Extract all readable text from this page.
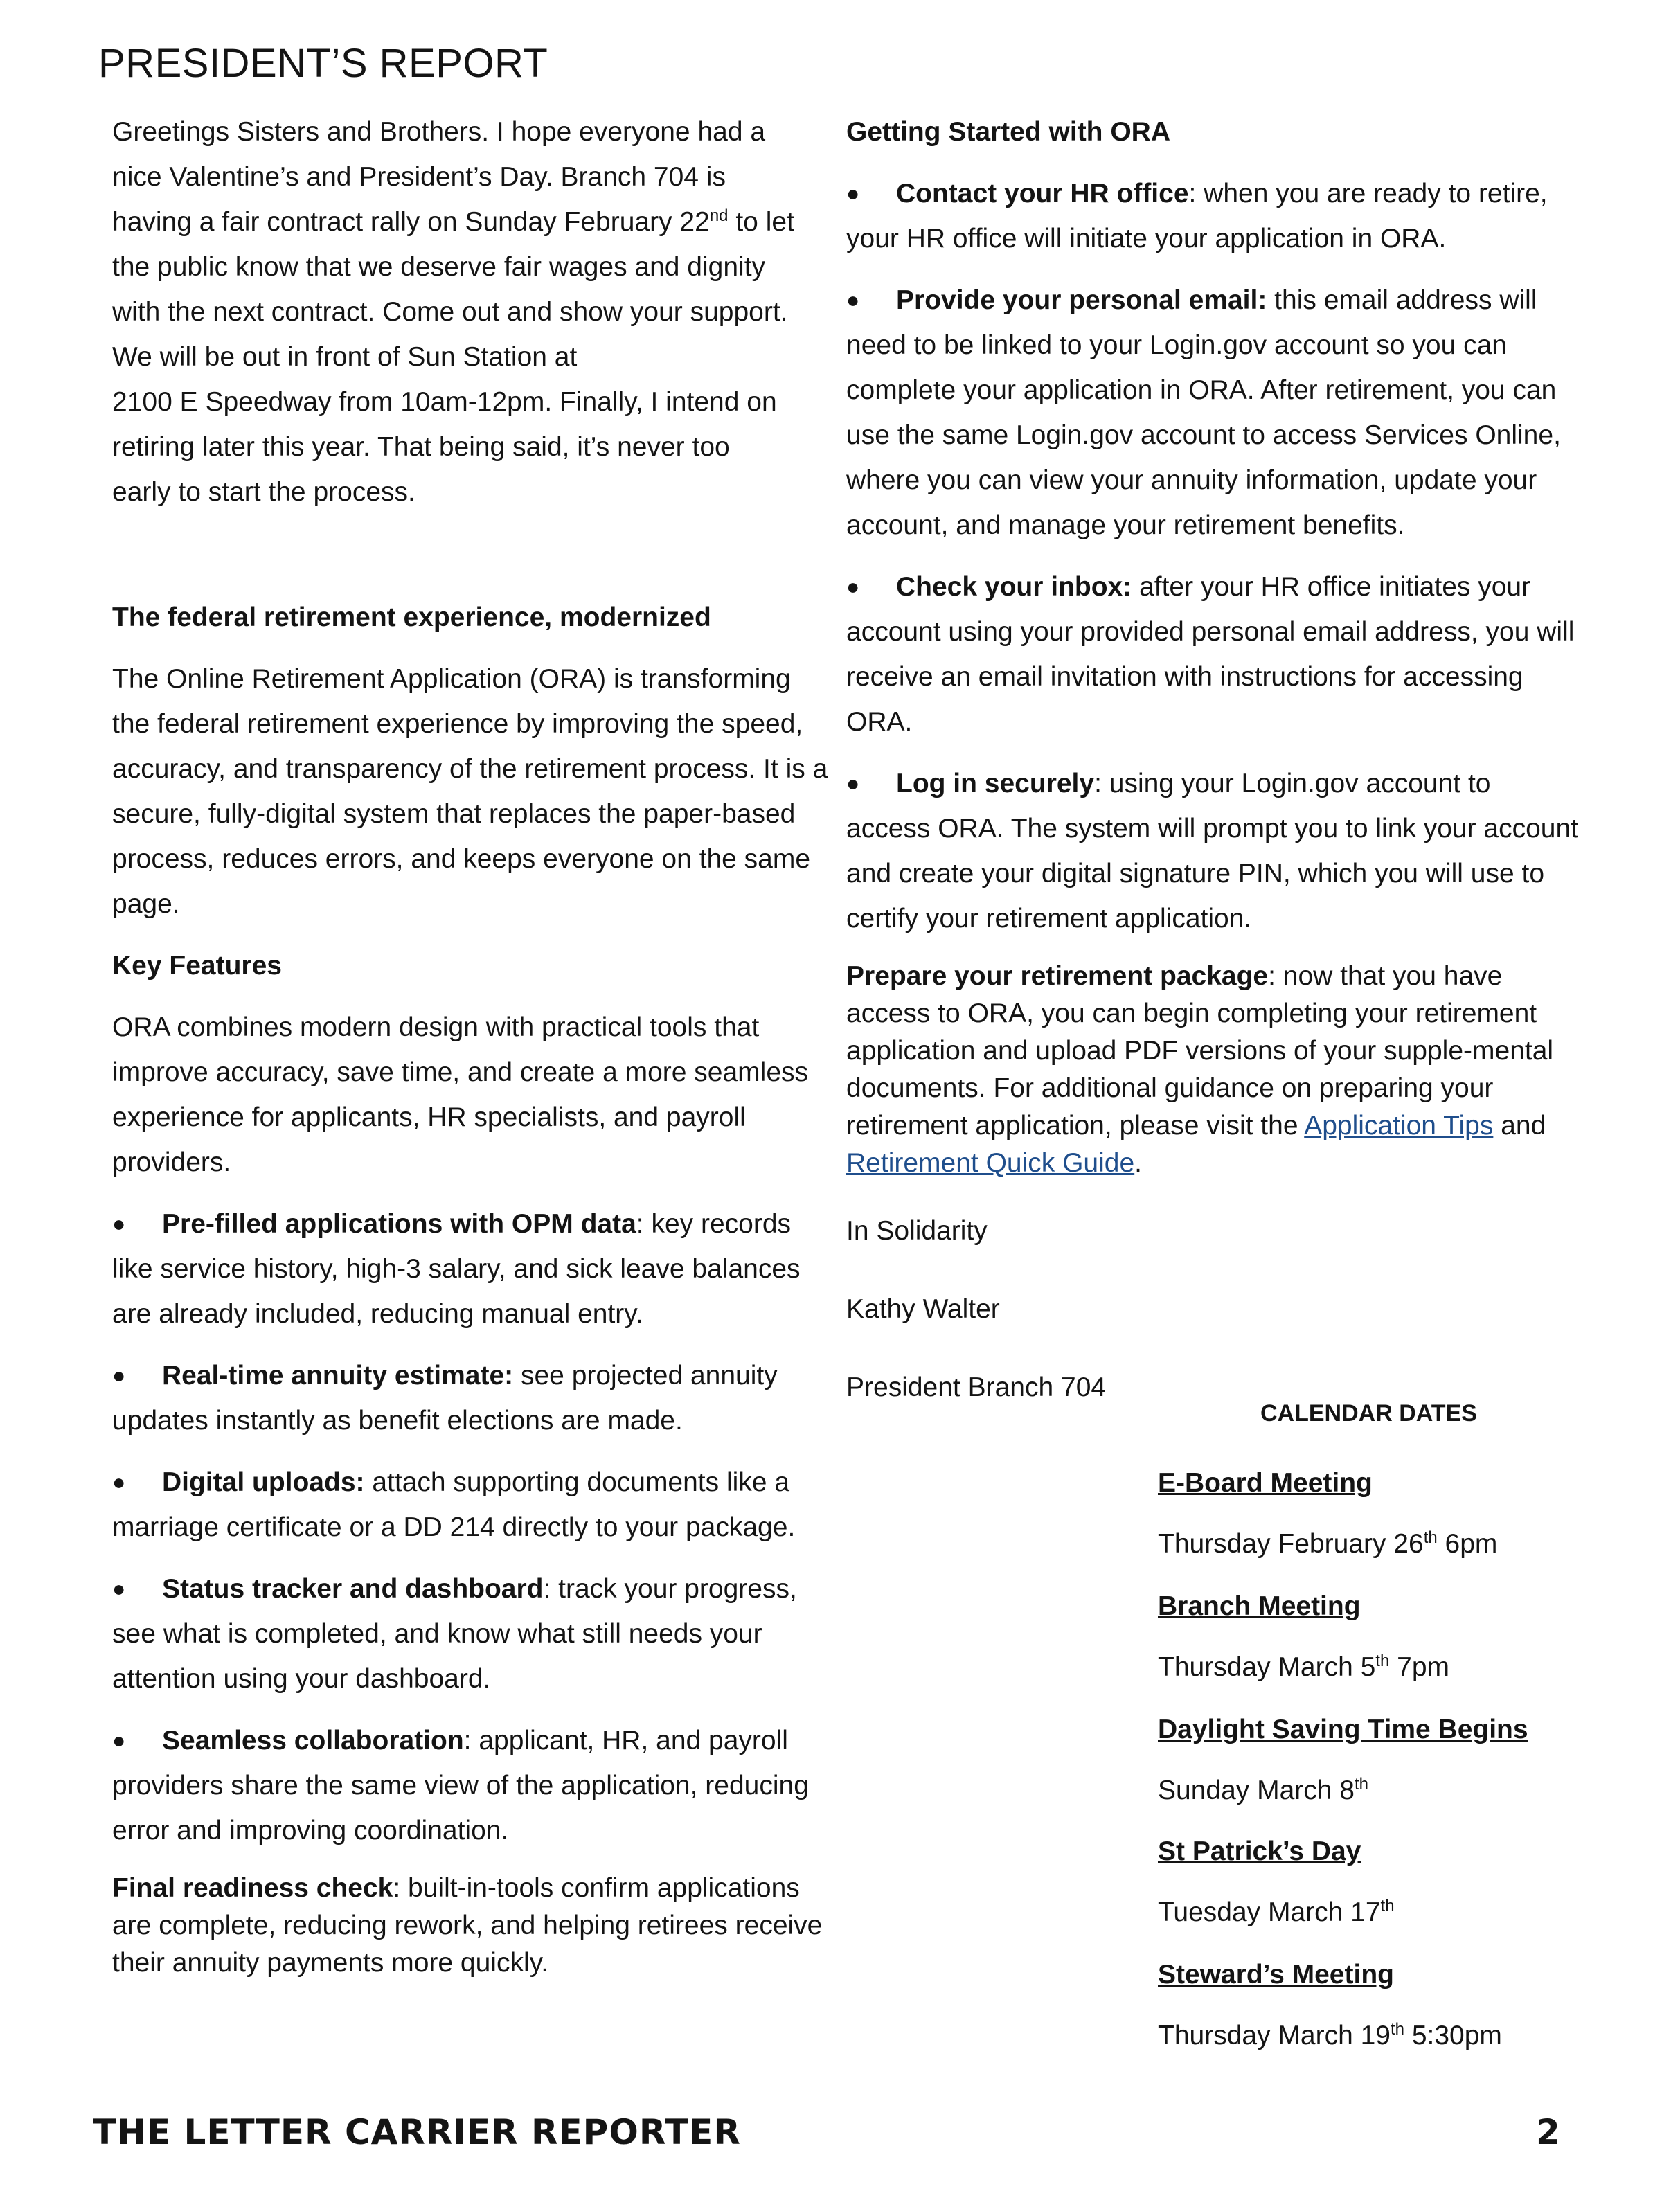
PRESIDENT’S REPORT
Greetings Sisters and Brothers. I hope everyone had a
nice Valentine’s and President’s Day. Branch 704 is
having a fair contract rally on Sunday February 22nd to let
the public know that we deserve fair wages and dignity
with the next contract. Come out and show your support.
We will be out in front of Sun Station at
2100 E Speedway from 10am-12pm. Finally, I intend on
retiring later this year. That being said, it’s never too
early to start the process.

The federal retirement experience, modernized

The Online Retirement Application (ORA) is transforming the federal retirement experience by improving the speed, accuracy, and transparency of the retirement process. It is a secure, fully-digital system that replaces the paper-based process, reduces errors, and keeps everyone on the same page.

Key Features

ORA combines modern design with practical tools that improve accuracy, save time, and create a more seamless experience for applicants, HR specialists, and payroll providers.

● Pre-filled applications with OPM data: key records like service history, high-3 salary, and sick leave balances are already included, reducing manual entry.

● Real-time annuity estimate: see projected annuity updates instantly as benefit elections are made.

● Digital uploads: attach supporting documents like a marriage certificate or a DD 214 directly to your package.

● Status tracker and dashboard: track your progress, see what is completed, and know what still needs your attention using your dashboard.

● Seamless collaboration: applicant, HR, and payroll providers share the same view of the application, reducing error and improving coordination.

Final readiness check: built-in-tools confirm applications are complete, reducing rework, and helping retirees receive their annuity payments more quickly.

Getting Started with ORA

● Contact your HR office: when you are ready to retire, your HR office will initiate your application in ORA.

● Provide your personal email: this email address will need to be linked to your Login.gov account so you can complete your application in ORA. After retirement, you can use the same Login.gov account to access Services Online, where you can view your annuity information, update your account, and manage your retirement benefits.

● Check your inbox: after your HR office initiates your account using your provided personal email address, you will receive an email invitation with instructions for accessing ORA.

● Log in securely: using your Login.gov account to access ORA. The system will prompt you to link your account and create your digital signature PIN, which you will use to certify your retirement application.

Prepare your retirement package: now that you have access to ORA, you can begin completing your retirement application and upload PDF versions of your supple-mental documents. For additional guidance on preparing your retirement application, please visit the Application Tips and Retirement Quick Guide.

In Solidarity

Kathy Walter

President Branch 704

CALENDAR DATES
E-Board Meeting
Thursday February 26th 6pm
Branch Meeting
Thursday March 5th 7pm
Daylight Saving Time Begins
Sunday March 8th
St Patrick’s Day
Tuesday March 17th
Steward’s Meeting
Thursday March 19th 5:30pm
THE LETTER CARRIER REPORTER	2
